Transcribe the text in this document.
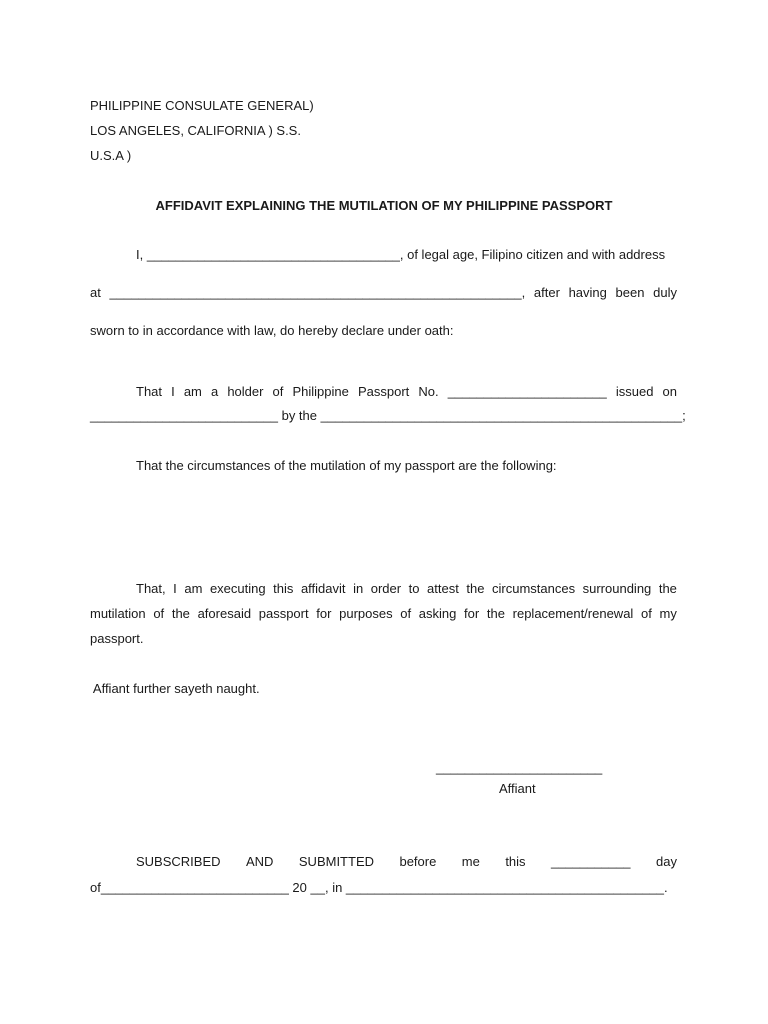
PHILIPPINE CONSULATE GENERAL)
LOS ANGELES, CALIFORNIA ) S.S.
U.S.A )
AFFIDAVIT EXPLAINING THE MUTILATION OF MY PHILIPPINE PASSPORT
I, ___________________________________, of legal age, Filipino citizen and with address
at _________________________________________________________, after having been duly
sworn to in accordance with law, do hereby declare under oath:
That I am a holder of Philippine Passport No. ______________________ issued on
__________________________ by the __________________________________________________;
That the circumstances of the mutilation of my passport are the following:
That, I am executing this affidavit in order to attest the circumstances surrounding the
mutilation of the aforesaid passport for purposes of asking for the replacement/renewal of my
passport.
Affiant further sayeth naught.
_______________________
Affiant
SUBSCRIBED AND SUBMITTED before me this ___________ day
of__________________________ 20 __, in ____________________________________________.
